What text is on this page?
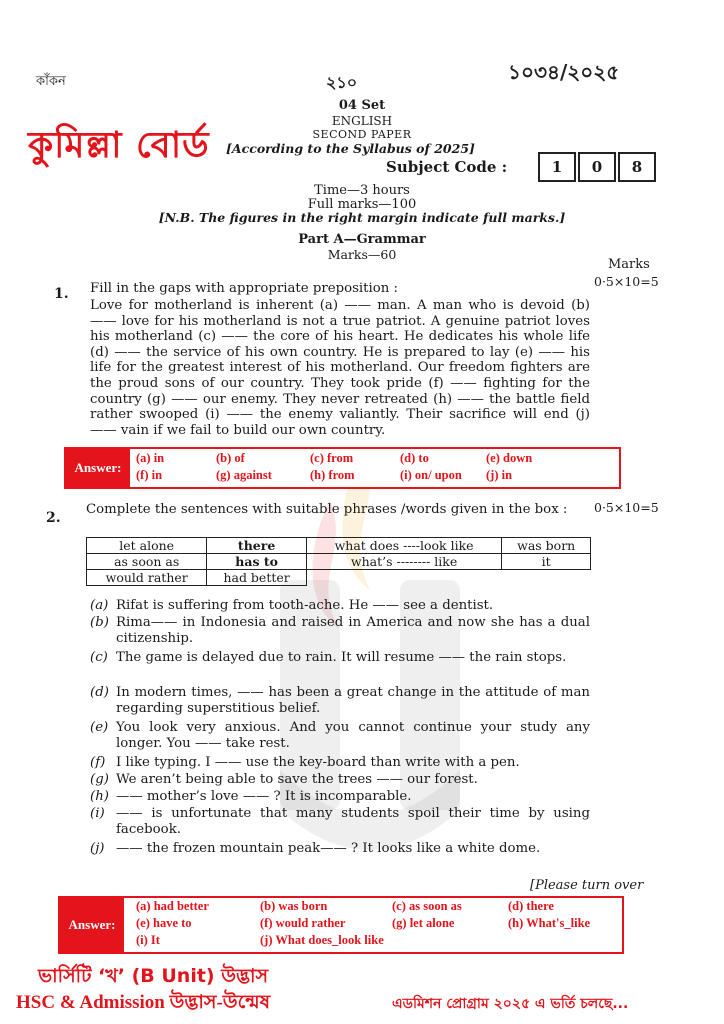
কাঁকন	২১০	১০৩৪/২০২৫
কুমিল্লা বোর্ড
04 Set
ENGLISH
SECOND PAPER
[According to the Syllabus of 2025]
Subject Code :	1	0	8
Time—3 hours
Full marks—100
[N.B. The figures in the right margin indicate full marks.]
Part A—Grammar
Marks—60
Marks
1. Fill in the gaps with appropriate preposition :	0·5×10=5
Love for motherland is inherent (a) —— man. A man who is devoid (b) —— love for his motherland is not a true patriot. A genuine patriot loves his motherland (c) —— the core of his heart. He dedicates his whole life (d) —— the service of his own country. He is prepared to lay (e) —— his life for the greatest interest of his motherland. Our freedom fighters are the proud sons of our country. They took pride (f) —— fighting for the country (g) —— our enemy. They never retreated (h) —— the battle field rather swooped (i) —— the enemy valiantly. Their sacrifice will end (j) —— vain if we fail to build our own country.
Answer:
(a) in	(b) of	(c) from	(d) to	(e) down
(f) in	(g) against	(h) from	(i) on/ upon (j) in
2.
Complete the sentences with suitable phrases /words given in the box :	0·5×10=5
let alone	there	what does ----look like	was born
as soon as	has to	what’s -------- like	it
would rather	had better		
(a) Rifat is suffering from tooth-ache. He —— see a dentist.
(b) Rima—— in Indonesia and raised in America and now she has a dual citizenship.
(c) The game is delayed due to rain. It will resume —— the rain stops.
(d) In modern times, —— has been a great change in the attitude of man regarding superstitious belief.
(e) You look very anxious. And you cannot continue your study any longer. You —— take rest.
(f) I like typing. I —— use the key-board than write with a pen.
(g) We aren’t being able to save the trees —— our forest.
(h) —— mother’s love —— ? It is incomparable.
(i) —— is unfortunate that many students spoil their time by using facebook.
(j) —— the frozen mountain peak—— ? It looks like a white dome.
[Please turn over
Answer:
(a) had better	(b) was born	(c) as soon as	(d) there
(e) have to	(f) would rather	(g) let alone	(h) What's_like
(i) It	(j) What does_look like
ভার্সিটি ‘খ’ (B Unit) উদ্ভাস
HSC & Admission উদ্ভাস-উন্মেষ	এডমিশন প্রোগ্রাম ২০২৫ এ ভর্তি চলছে...
